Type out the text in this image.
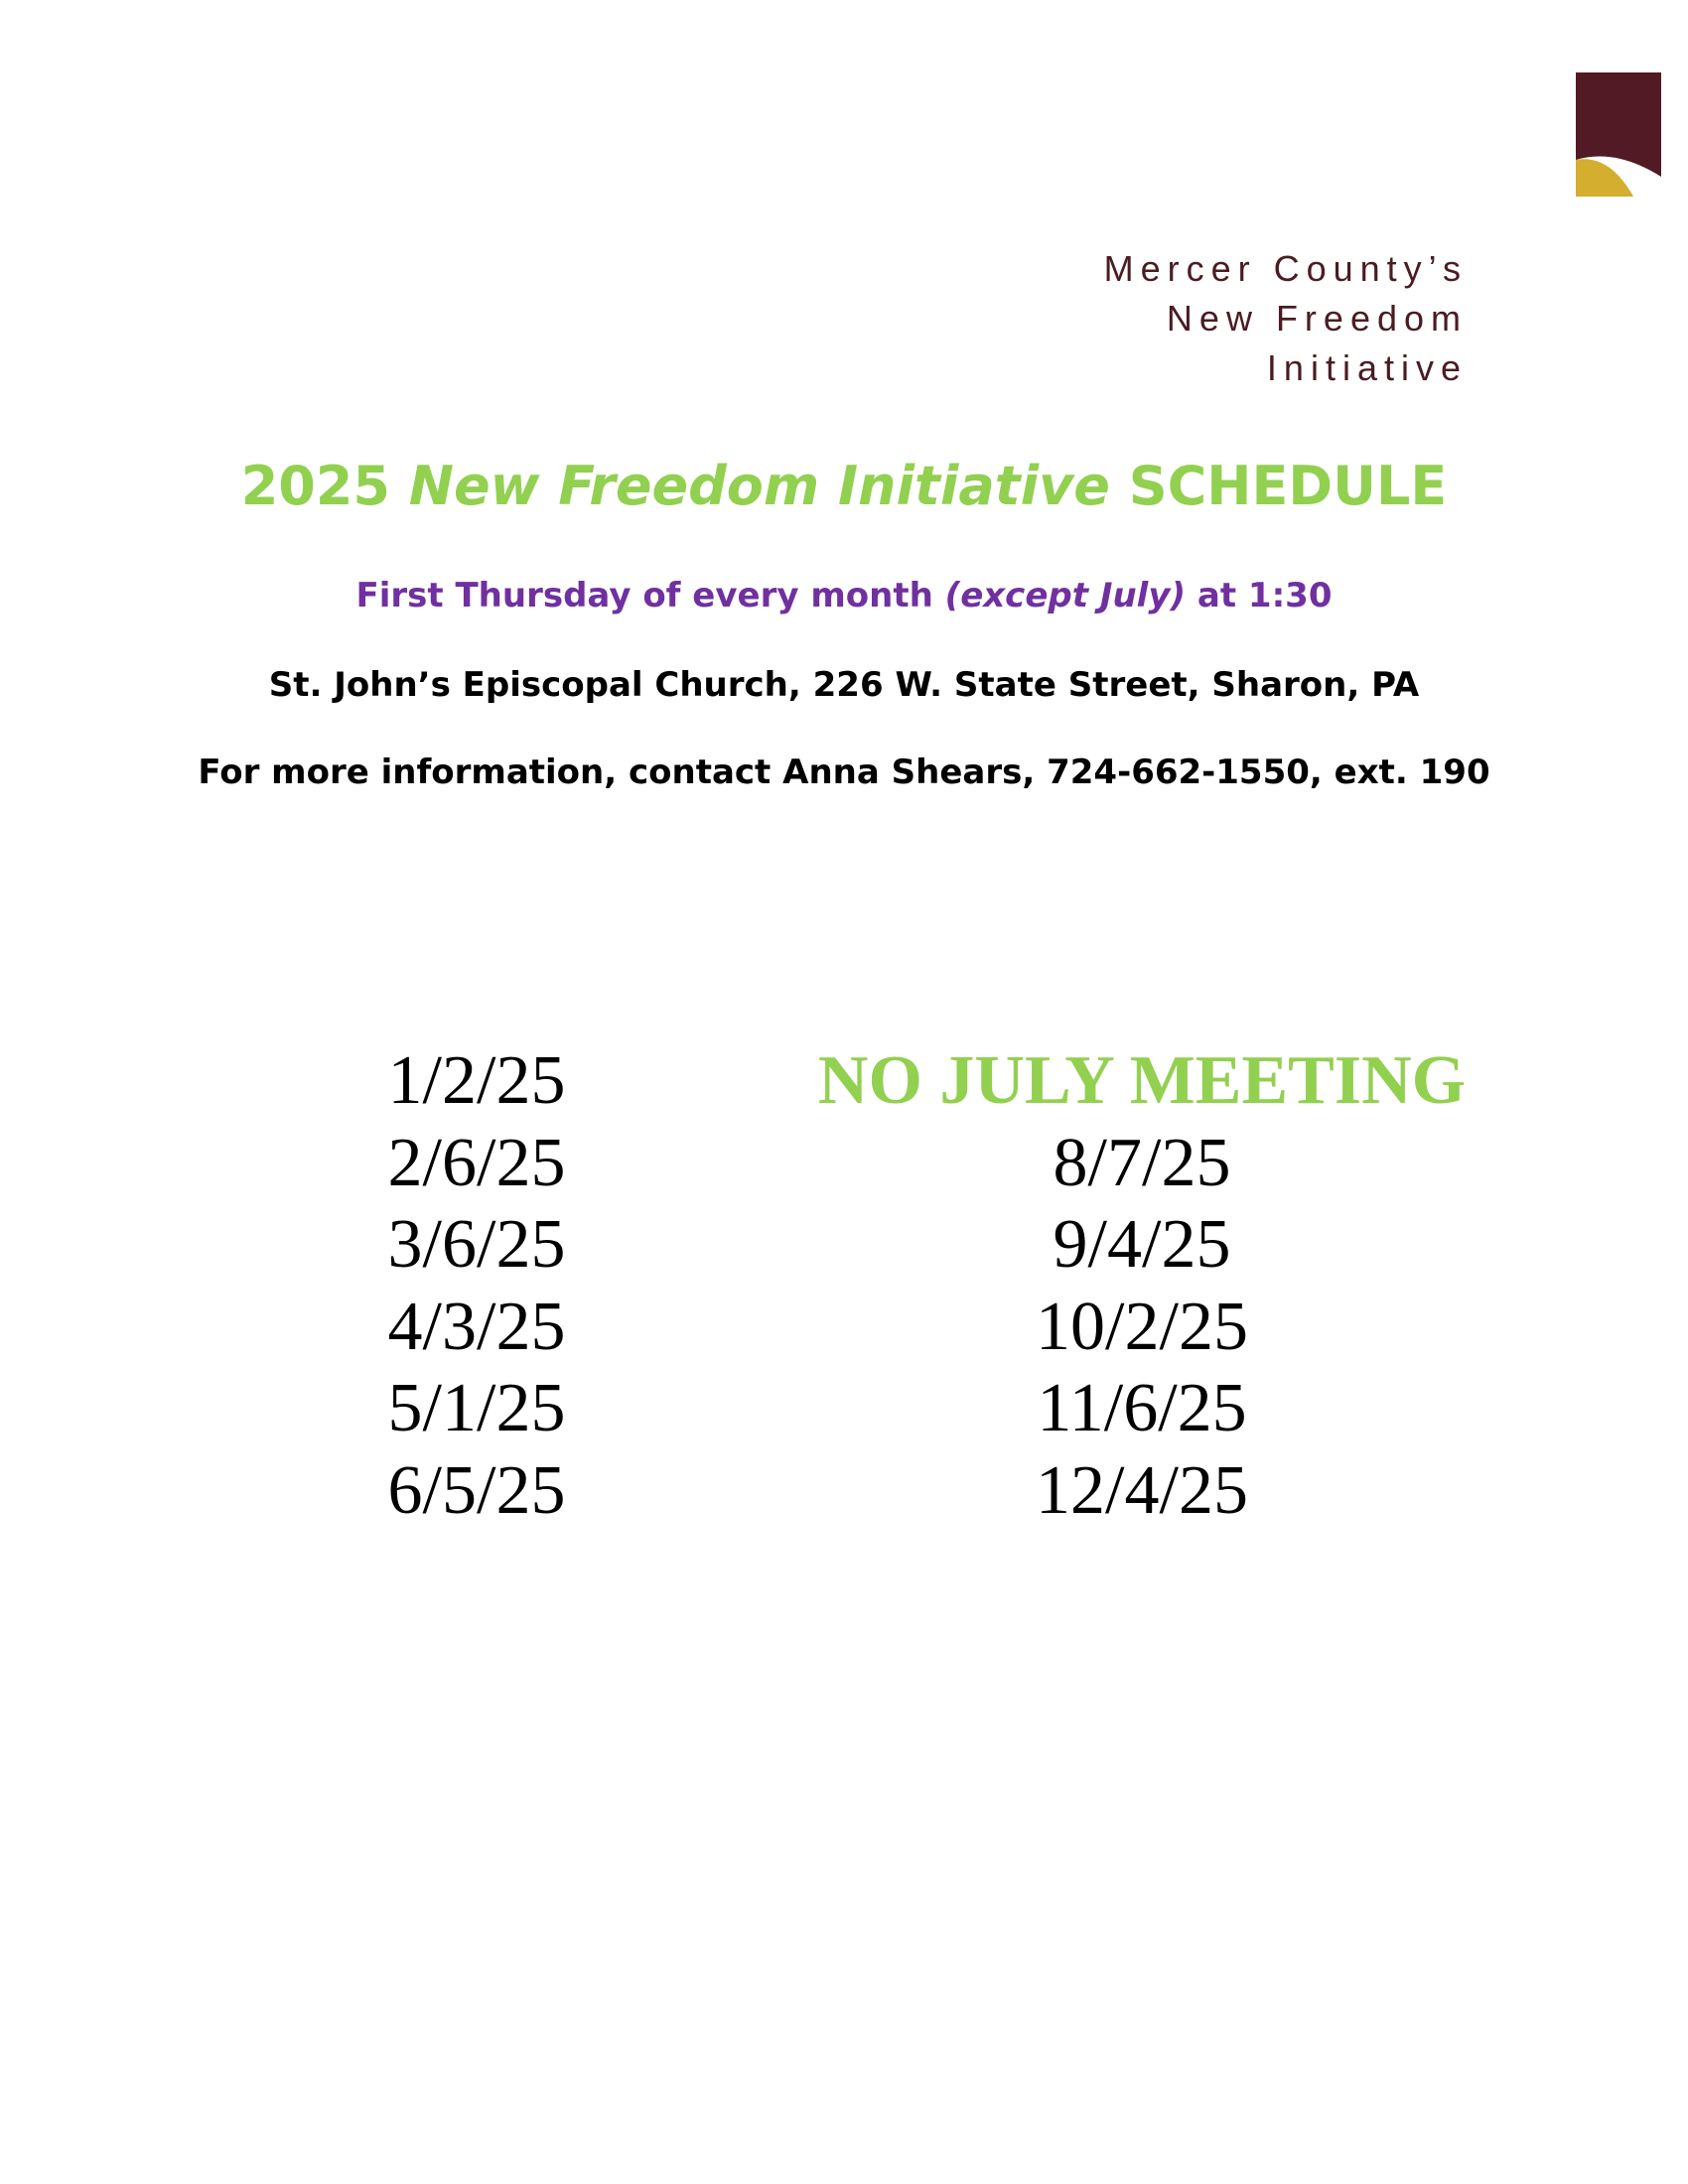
Mercer County’s
New Freedom
Initiative
2025 New Freedom Initiative SCHEDULE
First Thursday of every month (except July) at 1:30
St. John’s Episcopal Church, 226 W. State Street, Sharon, PA
For more information, contact Anna Shears, 724-662-1550, ext. 190
1/2/25
2/6/25
3/6/25
4/3/25
5/1/25
6/5/25
NO JULY MEETING
8/7/25
9/4/25
10/2/25
11/6/25
12/4/25
